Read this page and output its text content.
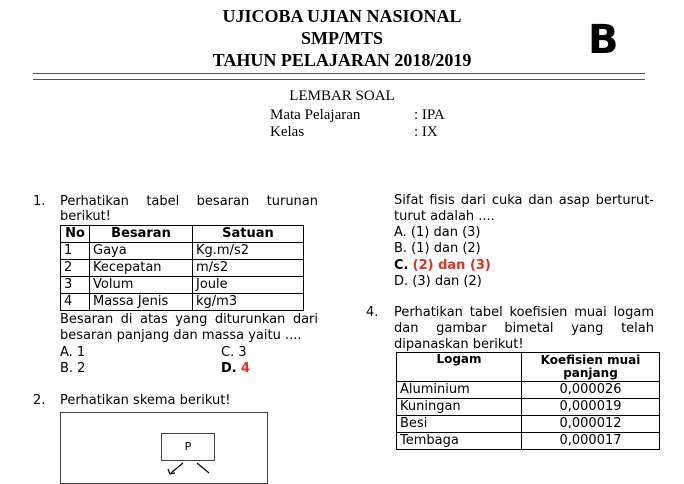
UJICOBA UJIAN NASIONAL
SMP/MTS
TAHUN PELAJARAN 2018/2019	B
LEMBAR SOAL
Mata Pelajaran	: IPA
Kelas	: IX
1. Perhatikan tabel besaran turunan
berikut!
No	Besaran	Satuan
1	Gaya	Kg.m/s2
2	Kecepatan	m/s2
3	Volum	Joule
4	Massa Jenis	kg/m3
Besaran di atas yang diturunkan dari
besaran panjang dan massa yaitu ....
A. 1
B. 2
C. 3
D. 4
2. Perhatikan skema berikut!
P
Sifat fisis dari cuka dan asap berturut-
turut adalah ....
A. (1) dan (3)
B. (1) dan (2)
C. (2) dan (3)
D. (3) dan (2)
4. Perhatikan tabel koefisien muai logam
dan gambar bimetal yang telah
dipanaskan berikut!
Logam	Koefisien muai panjang
Aluminium	0,000026
Kuningan	0,000019
Besi	0,000012
Tembaga	0,000017
